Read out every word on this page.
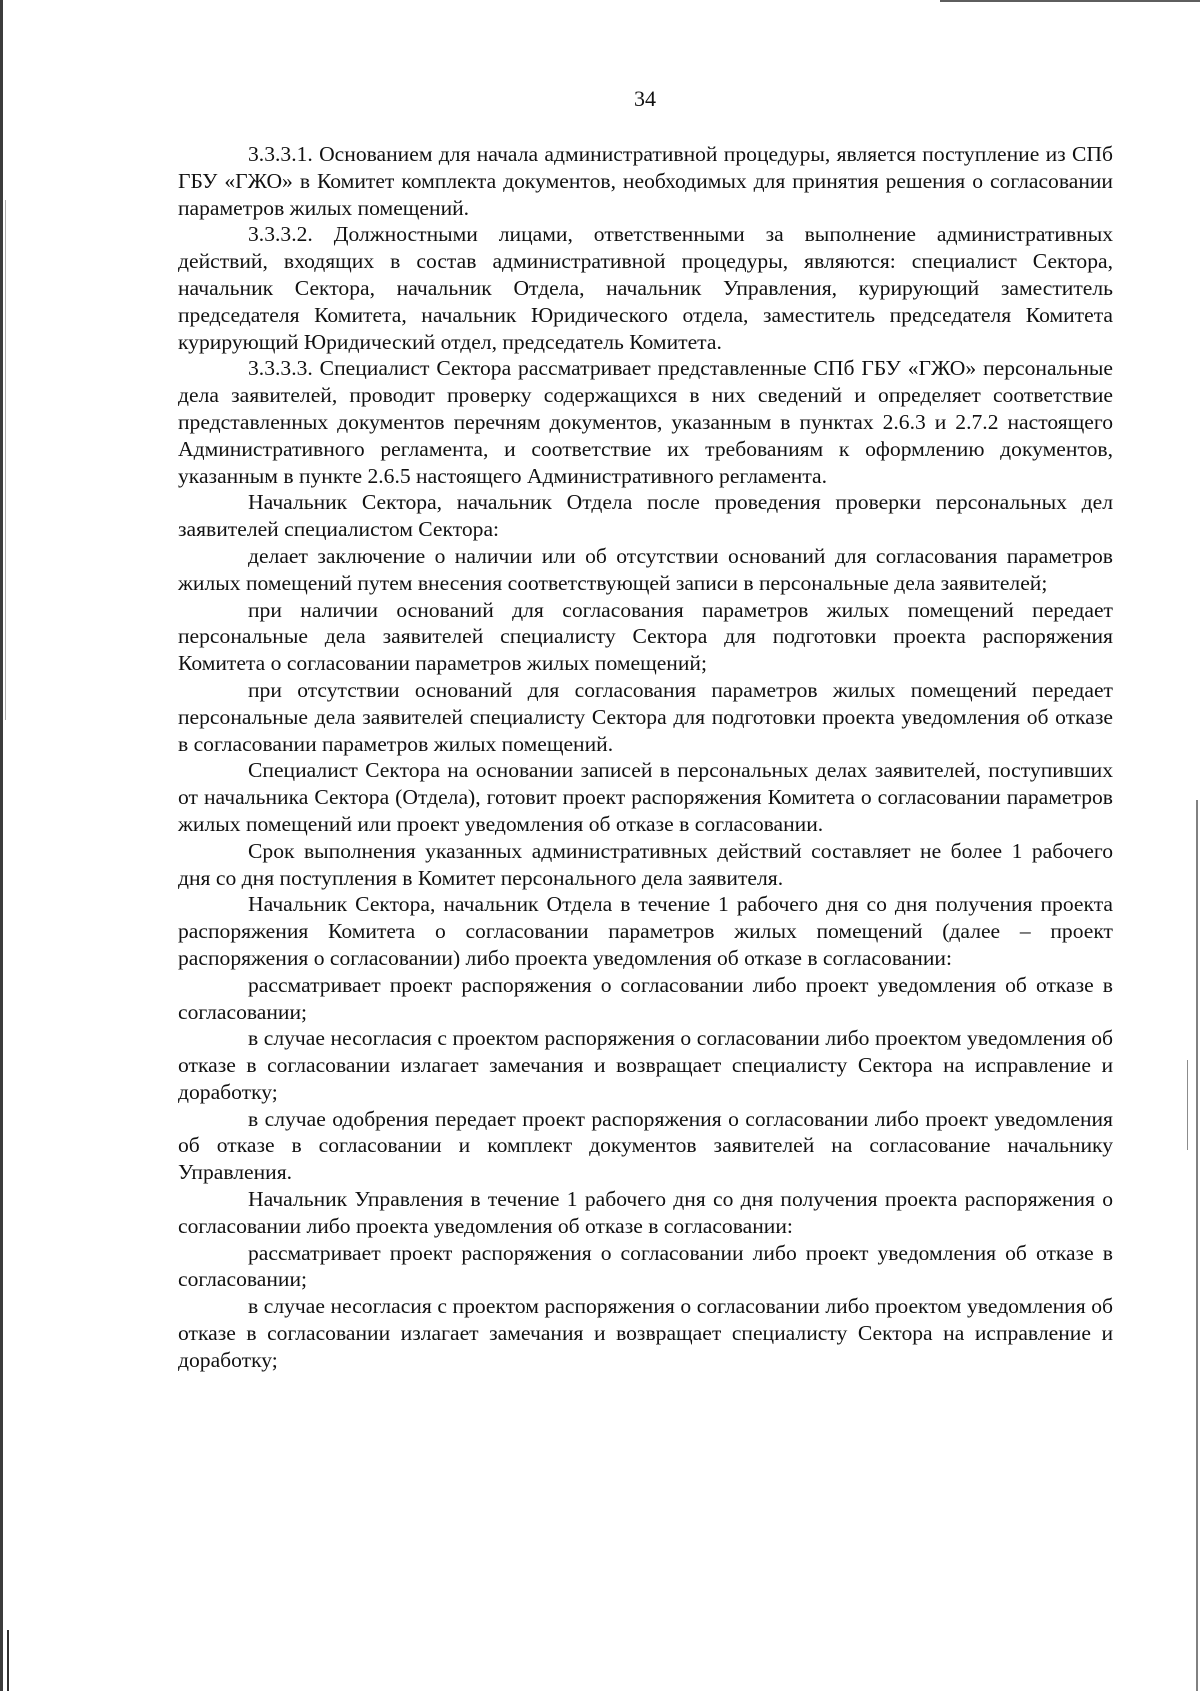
34

3.3.3.1. Основанием для начала административной процедуры, является поступление из СПб ГБУ «ГЖО» в Комитет комплекта документов, необходимых для принятия решения о согласовании параметров жилых помещений.

3.3.3.2. Должностными лицами, ответственными за выполнение административных действий, входящих в состав административной процедуры, являются: специалист Сектора, начальник Сектора, начальник Отдела, начальник Управления, курирующий заместитель председателя Комитета, начальник Юридического отдела, заместитель председателя Комитета курирующий Юридический отдел, председатель Комитета.

3.3.3.3. Специалист Сектора рассматривает представленные СПб ГБУ «ГЖО» персональные дела заявителей, проводит проверку содержащихся в них сведений и определяет соответствие представленных документов перечням документов, указанным в пунктах 2.6.3 и 2.7.2 настоящего Административного регламента, и соответствие их требованиям к оформлению документов, указанным в пункте 2.6.5 настоящего Административного регламента.

Начальник Сектора, начальник Отдела после проведения проверки персональных дел заявителей специалистом Сектора:

делает заключение о наличии или об отсутствии оснований для согласования параметров жилых помещений путем внесения соответствующей записи в персональные дела заявителей;

при наличии оснований для согласования параметров жилых помещений передает персональные дела заявителей специалисту Сектора для подготовки проекта распоряжения Комитета о согласовании параметров жилых помещений;

при отсутствии оснований для согласования параметров жилых помещений передает персональные дела заявителей специалисту Сектора для подготовки проекта уведомления об отказе в согласовании параметров жилых помещений.

Специалист Сектора на основании записей в персональных делах заявителей, поступивших от начальника Сектора (Отдела), готовит проект распоряжения Комитета о согласовании параметров жилых помещений или проект уведомления об отказе в согласовании.

Срок выполнения указанных административных действий составляет не более 1 рабочего дня со дня поступления в Комитет персонального дела заявителя.

Начальник Сектора, начальник Отдела в течение 1 рабочего дня со дня получения проекта распоряжения Комитета о согласовании параметров жилых помещений (далее – проект распоряжения о согласовании) либо проекта уведомления об отказе в согласовании:

рассматривает проект распоряжения о согласовании либо проект уведомления об отказе в согласовании;

в случае несогласия с проектом распоряжения о согласовании либо проектом уведомления об отказе в согласовании излагает замечания и возвращает специалисту Сектора на исправление и доработку;

в случае одобрения передает проект распоряжения о согласовании либо проект уведомления об отказе в согласовании и комплект документов заявителей на согласование начальнику Управления.

Начальник Управления в течение 1 рабочего дня со дня получения проекта распоряжения о согласовании либо проекта уведомления об отказе в согласовании:

рассматривает проект распоряжения о согласовании либо проект уведомления об отказе в согласовании;

в случае несогласия с проектом распоряжения о согласовании либо проектом уведомления об отказе в согласовании излагает замечания и возвращает специалисту Сектора на исправление и доработку;
